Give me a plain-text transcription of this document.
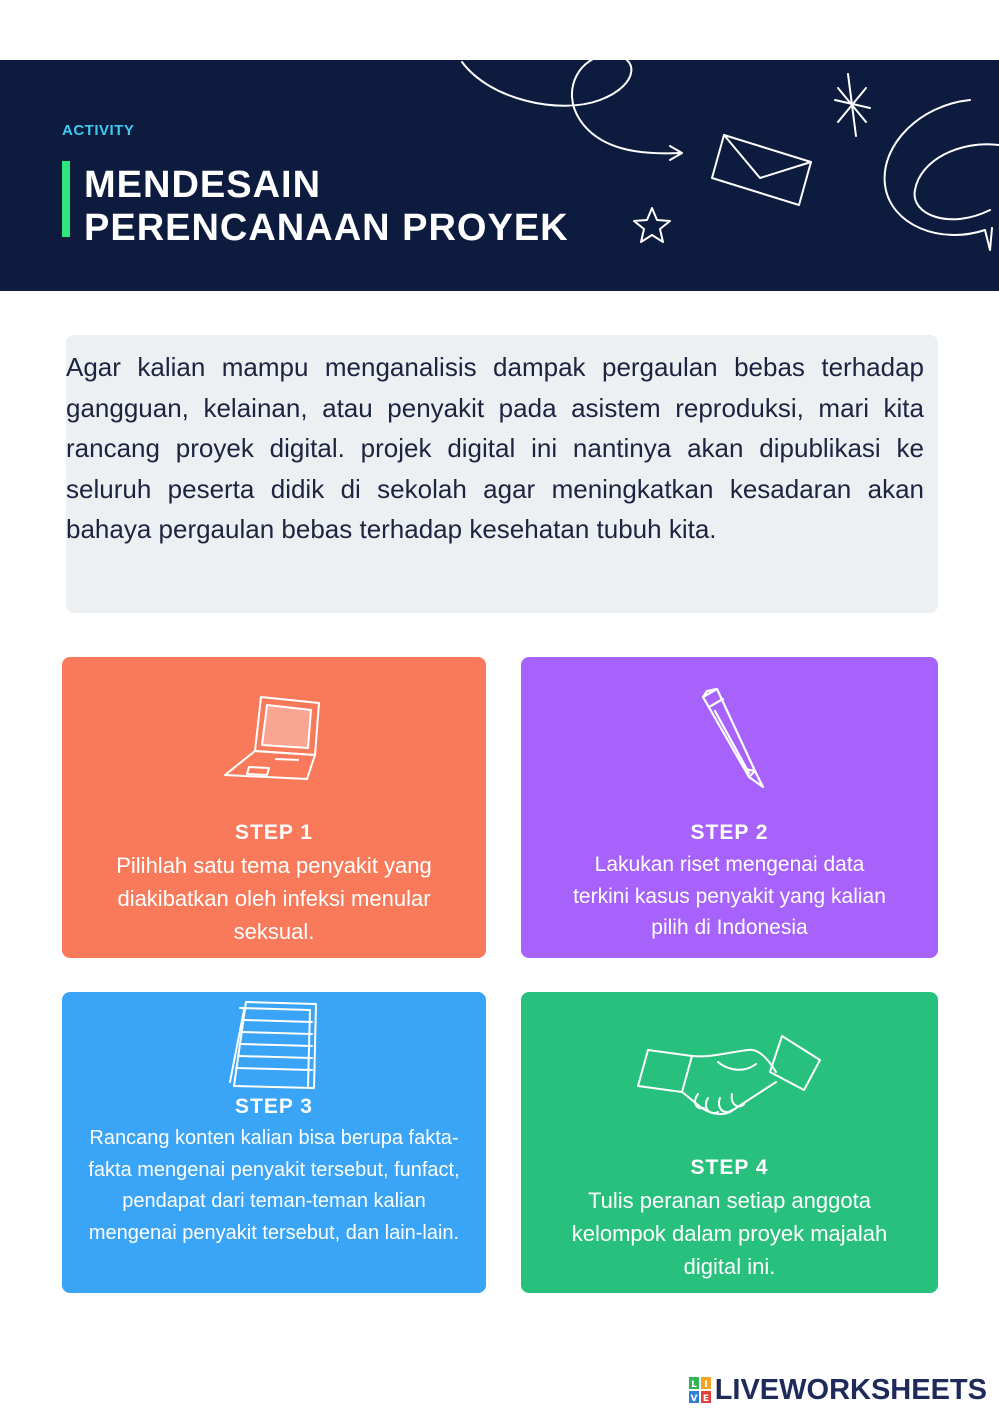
ACTIVITY
MENDESAIN
PERENCANAAN PROYEK

Agar kalian mampu menganalisis dampak pergaulan bebas terhadap gangguan, kelainan, atau penyakit pada asistem reproduksi, mari kita rancang proyek digital. projek digital ini nantinya akan dipublikasi ke seluruh peserta didik di sekolah agar meningkatkan kesadaran akan bahaya pergaulan bebas terhadap kesehatan tubuh kita.

STEP 1
Pilihlah satu tema penyakit yang diakibatkan oleh infeksi menular seksual.
STEP 2
Lakukan riset mengenai data terkini kasus penyakit yang kalian pilih di Indonesia
STEP 3
Rancang konten kalian bisa berupa fakta-fakta mengenai penyakit tersebut, funfact, pendapat dari teman-teman kalian mengenai penyakit tersebut, dan lain-lain.
STEP 4
Tulis peranan setiap anggota kelompok dalam proyek majalah digital ini.
L I
V E LIVEWORKSHEETS
